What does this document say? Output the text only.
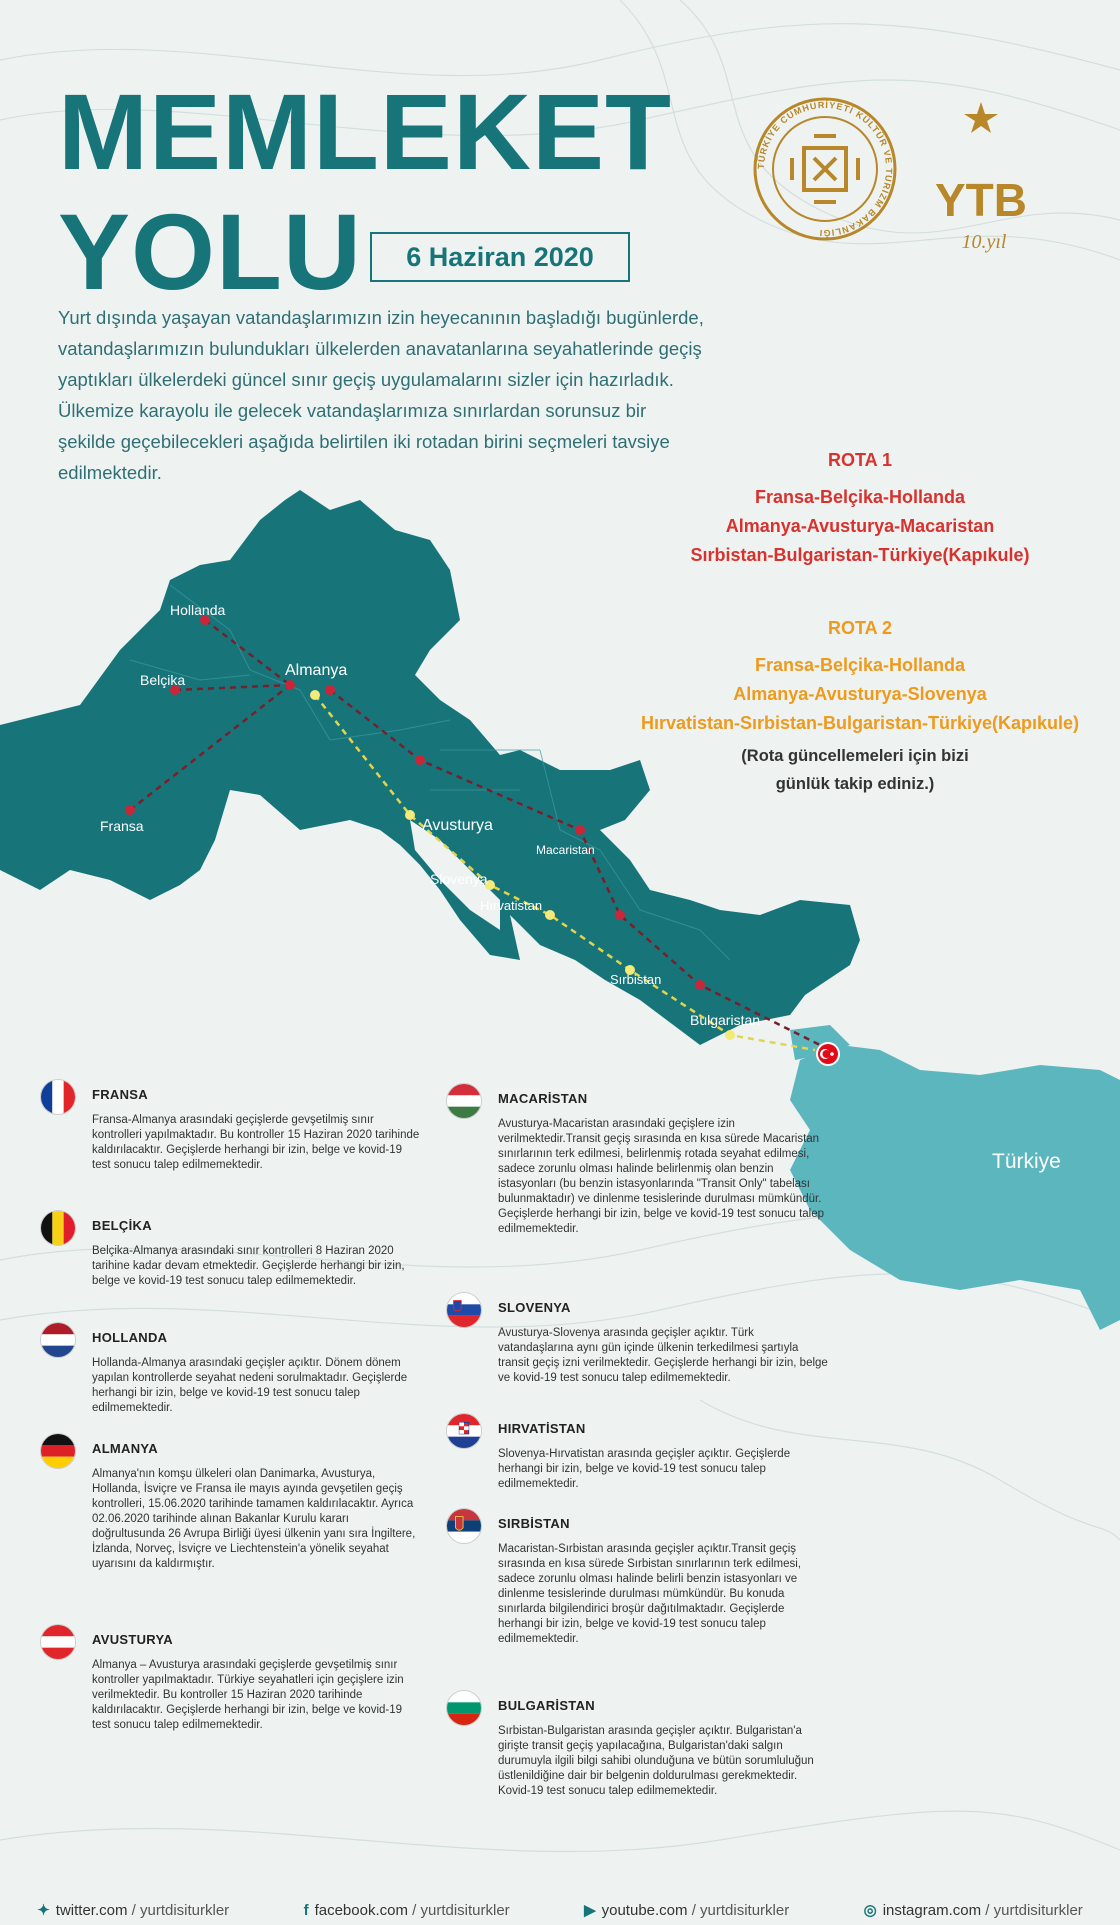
MEMLEKET
YOLU	6 Haziran 2020
TÜRKİYE CUMHURİYETİ KÜLTÜR VE TURİZM BAKANLIĞI
YTB
10.yıl

Yurt dışında yaşayan vatandaşlarımızın izin heyecanının başladığı bugünlerde, vatandaşlarımızın bulundukları ülkelerden anavatanlarına seyahatlerinde geçiş yaptıkları ülkelerdeki güncel sınır geçiş uygulamalarını sizler için hazırladık.

Ülkemize karayolu ile gelecek vatandaşlarımıza sınırlardan sorunsuz bir şekilde geçebilecekleri aşağıda belirtilen iki rotadan birini seçmeleri tavsiye edilmektedir.

ROTA 1
Fransa-Belçika-Hollanda
Almanya-Avusturya-Macaristan
Sırbistan-Bulgaristan-Türkiye(Kapıkule)
ROTA 2
Fransa-Belçika-Hollanda
Almanya-Avusturya-Slovenya
Hırvatistan-Sırbistan-Bulgaristan-Türkiye(Kapıkule)
(Rota güncellemeleri için bizi
günlük takip ediniz.)
Hollanda
Belçika
Almanya
Fransa	Avusturya
Macaristan
Slovenya
Hırvatistan
Sırbistan
Bulgaristan
Türkiye
FRANSA
Fransa-Almanya arasındaki geçişlerde gevşetilmiş sınır kontrolleri yapılmaktadır. Bu kontroller 15 Haziran 2020 tarihinde kaldırılacaktır. Geçişlerde herhangi bir izin, belge ve kovid-19 test sonucu talep edilmemektedir.
BELÇİKA
Belçika-Almanya arasındaki sınır kontrolleri 8 Haziran 2020 tarihine kadar devam etmektedir. Geçişlerde herhangi bir izin, belge ve kovid-19 test sonucu talep edilmemektedir.
HOLLANDA
Hollanda-Almanya arasındaki geçişler açıktır. Dönem dönem yapılan kontrollerde seyahat nedeni sorulmaktadır. Geçişlerde herhangi bir izin, belge ve kovid-19 test sonucu talep edilmemektedir.
ALMANYA
Almanya'nın komşu ülkeleri olan Danimarka, Avusturya, Hollanda, İsviçre ve Fransa ile mayıs ayında gevşetilen geçiş kontrolleri, 15.06.2020 tarihinde tamamen kaldırılacaktır. Ayrıca 02.06.2020 tarihinde alınan Bakanlar Kurulu kararı doğrultusunda 26 Avrupa Birliği üyesi ülkenin yanı sıra İngiltere, İzlanda, Norveç, İsviçre ve Liechtenstein'a yönelik seyahat uyarısını da kaldırmıştır.
AVUSTURYA
Almanya – Avusturya arasındaki geçişlerde gevşetilmiş sınır kontroller yapılmaktadır. Türkiye seyahatleri için geçişlere izin verilmektedir. Bu kontroller 15 Haziran 2020 tarihinde kaldırılacaktır. Geçişlerde herhangi bir izin, belge ve kovid-19 test sonucu talep edilmemektedir.
MACARİSTAN
Avusturya-Macaristan arasındaki geçişlere izin verilmektedir.Transit geçiş sırasında en kısa sürede Macaristan sınırlarının terk edilmesi, belirlenmiş rotada seyahat edilmesi, sadece zorunlu olması halinde belirlenmiş olan benzin istasyonları (bu benzin istasyonlarında "Transit Only" tabelası bulunmaktadır) ve dinlenme tesislerinde durulması mümkündür. Geçişlerde herhangi bir izin, belge ve kovid-19 test sonucu talep edilmemektedir.
SLOVENYA
Avusturya-Slovenya arasında geçişler açıktır. Türk vatandaşlarına aynı gün içinde ülkenin terkedilmesi şartıyla transit geçiş izni verilmektedir. Geçişlerde herhangi bir izin, belge ve kovid-19 test sonucu talep edilmemektedir.
HIRVATİSTAN
Slovenya-Hırvatistan arasında geçişler açıktır. Geçişlerde herhangi bir izin, belge ve kovid-19 test sonucu talep edilmemektedir.
SIRBİSTAN
Macaristan-Sırbistan arasında geçişler açıktır.Transit geçiş sırasında en kısa sürede Sırbistan sınırlarının terk edilmesi, sadece zorunlu olması halinde belirli benzin istasyonları ve dinlenme tesislerinde durulması mümkündür. Bu konuda sınırlarda bilgilendirici broşür dağıtılmaktadır. Geçişlerde herhangi bir izin, belge ve kovid-19 test sonucu talep edilmemektedir.
BULGARİSTAN
Sırbistan-Bulgaristan arasında geçişler açıktır. Bulgaristan'a girişte transit geçiş yapılacağına, Bulgaristan'daki salgın durumuyla ilgili bilgi sahibi olunduğuna ve bütün sorumluluğun üstlenildiğine dair bir belgenin doldurulması gerekmektedir. Kovid-19 test sonucu talep edilmemektedir.
✦ twitter.com / yurtdisiturkler	f facebook.com / yurtdisiturkler	▶ youtube.com / yurtdisiturkler	◎ instagram.com / yurtdisiturkler
